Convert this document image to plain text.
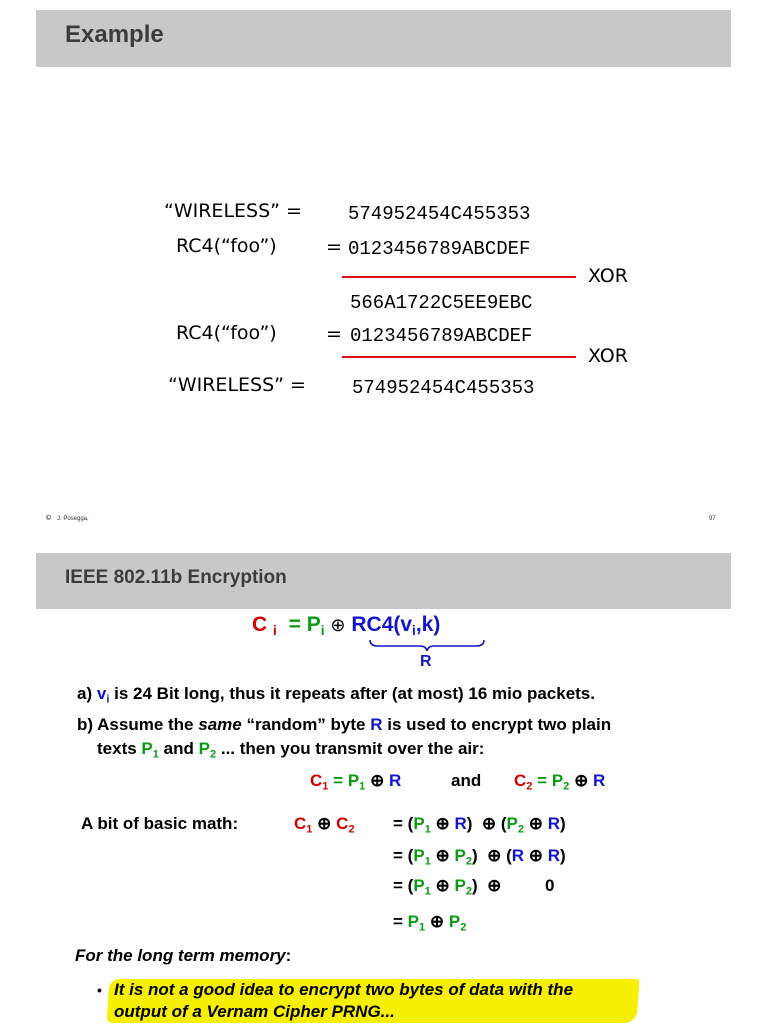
Example
“WIRELESS” = 574952454C455353
RC4(“foo”)	= 0123456789ABCDEF
XOR
566A1722C5EE9EBC
RC4(“foo”)	= 0123456789ABCDEF
XOR
“WIRELESS” = 574952454C455353
© J. Posegga,	97
IEEE 802.11b Encryption
C $_i = P_i$ ⊕ $RC4(v_i,k)$
R
a) $v_i$ is 24 Bit long, thus it repeats after (at most) 16 mio packets.
b) Assume the same “random” byte R is used to encrypt two plain
texts $P_1$ and $P_2$ ... then you transmit over the air:
$C_1 = P_1$ ⊕ R	and $C_2 = P_2$ ⊕ R
A bit of basic math:	$C_1$ ⊕ $C_2 = (P_1$ ⊕ R)  ⊕ ($P_2$ ⊕ R)
= ($P_1$ ⊕ $P_2$)  ⊕ (R ⊕ R)
= ($P_1$ ⊕ $P_2$)  ⊕	0
= $P_1$ ⊕ $P_2$
For the long term memory:
• It is not a good idea to encrypt two bytes of data with the
output of a Vernam Cipher PRNG...
